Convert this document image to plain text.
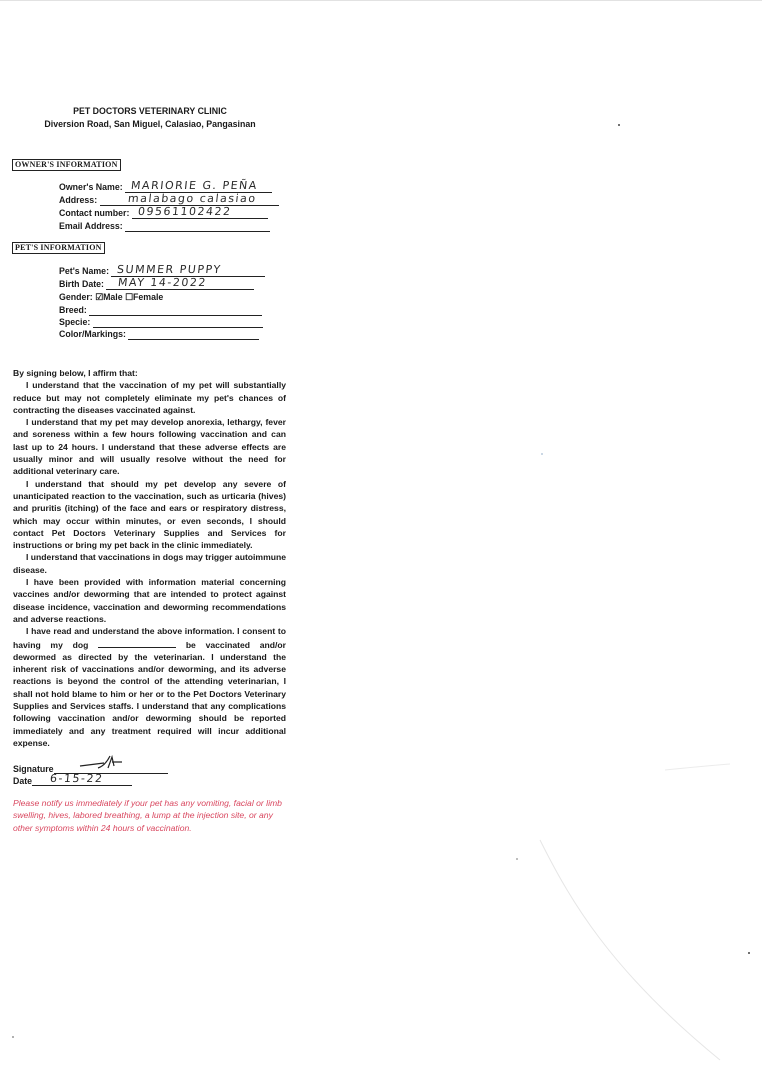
PET DOCTORS VETERINARY CLINIC
Diversion Road, San Miguel, Calasiao, Pangasinan
OWNER'S INFORMATION
Owner's Name: MARIORIE G. PEÑA
Address:	malabago calasiao
Contact number: 09561102422
Email Address:
PET'S INFORMATION
Pet's Name: SUMMER PUPPY
Birth Date: MAY 14-2022
Gender: ☑Male ☐Female
Breed:
Specie:
Color/Markings:

By signing below, I affirm that:

I understand that the vaccination of my pet will substantially reduce but may not completely eliminate my pet's chances of contracting the diseases vaccinated against.

I understand that my pet may develop anorexia, lethargy, fever and soreness within a few hours following vaccination and can last up to 24 hours. I understand that these adverse effects are usually minor and will usually resolve without the need for additional veterinary care.

I understand that should my pet develop any severe of unanticipated reaction to the vaccination, such as urticaria (hives) and pruritis (itching) of the face and ears or respiratory distress, which may occur within minutes, or even seconds, I should contact Pet Doctors Veterinary Supplies and Services for instructions or bring my pet back in the clinic immediately.

I understand that vaccinations in dogs may trigger autoimmune disease.

I have been provided with information material concerning vaccines and/or deworming that are intended to protect against disease incidence, vaccination and deworming recommendations and adverse reactions.

I have read and understand the above information. I consent to having my dog	be vaccinated and/or dewormed as directed by the veterinarian. I understand the inherent risk of vaccinations and/or deworming, and its adverse reactions is beyond the control of the attending veterinarian, I shall not hold blame to him or her or to the Pet Doctors Veterinary Supplies and Services staffs. I understand that any complications following vaccination and/or deworming should be reported immediately and any treatment required will incur additional expense.

Signature
Date 6-15-22
Please notify us immediately if your pet has any vomiting, facial or limb swelling, hives, labored breathing, a lump at the injection site, or any other symptoms within 24 hours of vaccination.
